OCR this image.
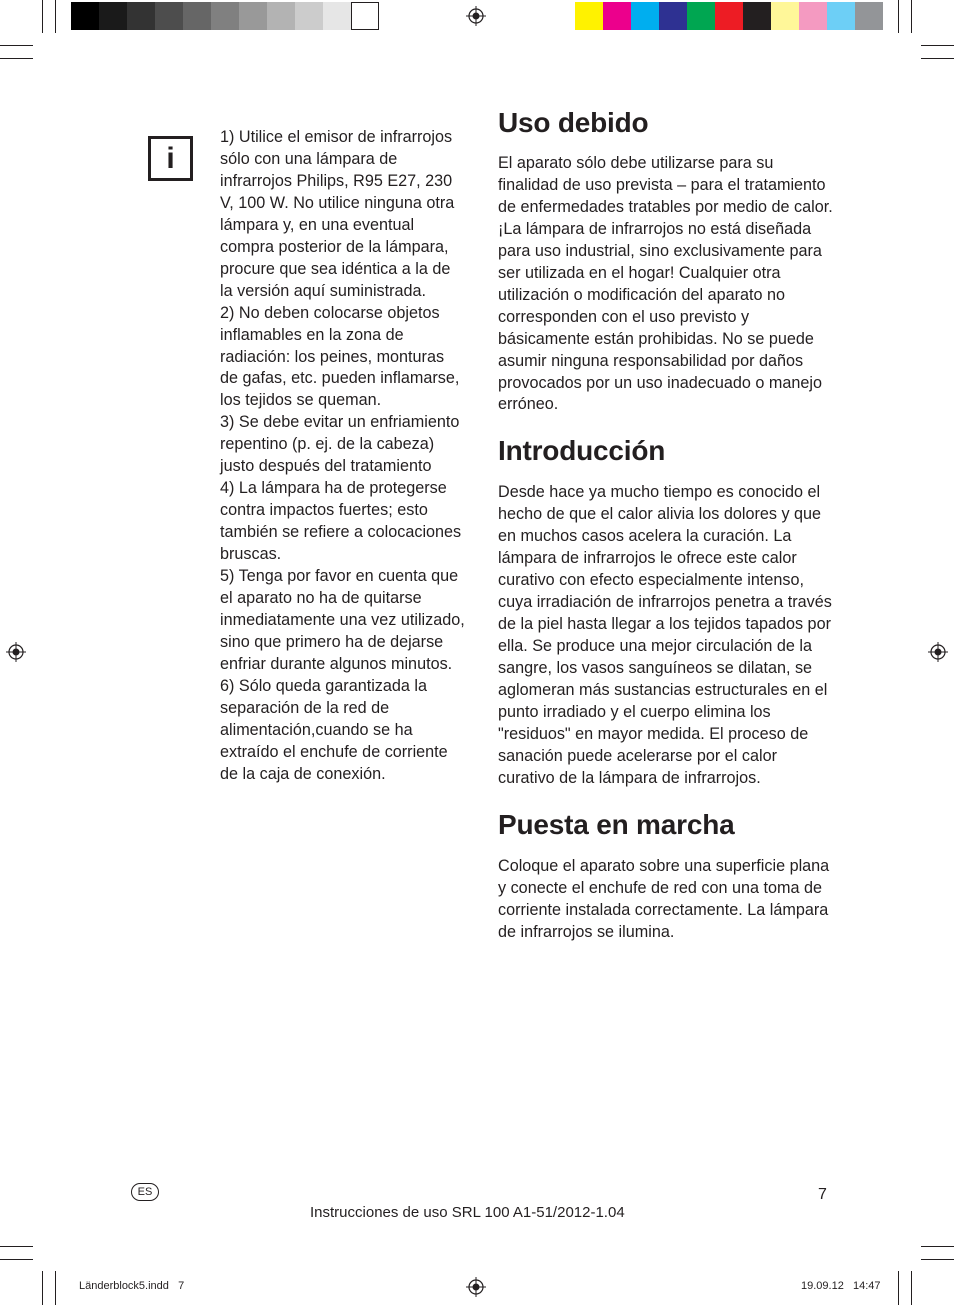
i

1) Utilice el emisor de infrarrojos sólo con una lámpara de infrarrojos Philips, R95 E27, 230 V, 100 W. No utilice ninguna otra lámpara y, en una eventual compra posterior de la lámpara, procure que sea idéntica a la de la versión aquí suministrada.

2) No deben colocarse objetos inflamables en la zona de radiación: los peines, monturas de gafas, etc. pueden inflamarse, los tejidos se queman.

3) Se debe evitar un enfriamiento repentino (p. ej. de la cabeza) justo después del tratamiento

4) La lámpara ha de protegerse contra impactos fuertes; esto también se refiere a colocaciones bruscas.

5) Tenga por favor en cuenta que el aparato no ha de quitarse inmediatamente una vez utilizado, sino que primero ha de dejarse enfriar durante algunos minutos.

6) Sólo queda garantizada la separación de la red de alimentación,cuando se ha extraído el enchufe de corriente de la caja de conexión.

Uso debido

El aparato sólo debe utilizarse para su finalidad de uso prevista – para el tratamiento de enfermedades tratables por medio de calor. ¡La lámpara de infrarrojos no está diseñada para uso industrial, sino exclusivamente para ser utilizada en el hogar! Cualquier otra utilización o modificación del aparato no corresponden con el uso previsto y básicamente están prohibidas. No se puede asumir ninguna responsabilidad por daños provocados por un uso inadecuado o manejo erróneo.

Introducción

Desde hace ya mucho tiempo es conocido el hecho de que el calor alivia los dolores y que en muchos casos acelera la curación. La lámpara de infrarrojos le ofrece este calor curativo con efecto especialmente intenso, cuya irradiación de infrarrojos penetra a través de la piel hasta llegar a los tejidos tapados por ella. Se produce una mejor circulación de la sangre, los vasos sanguíneos se dilatan, se aglomeran más sustancias estructurales en el punto irradiado y el cuerpo elimina los "residuos" en mayor medida. El proceso de sanación puede acelerarse por el calor curativo de la lámpara de infrarrojos.

Puesta en marcha

Coloque el aparato sobre una superficie plana y conecte el enchufe de red con una toma de corriente instalada correctamente. La lámpara de infrarrojos se ilumina.

ES	7
Instrucciones de uso SRL 100 A1-51/2012-1.04
Länderblock5.indd   7	19.09.12   14:47
